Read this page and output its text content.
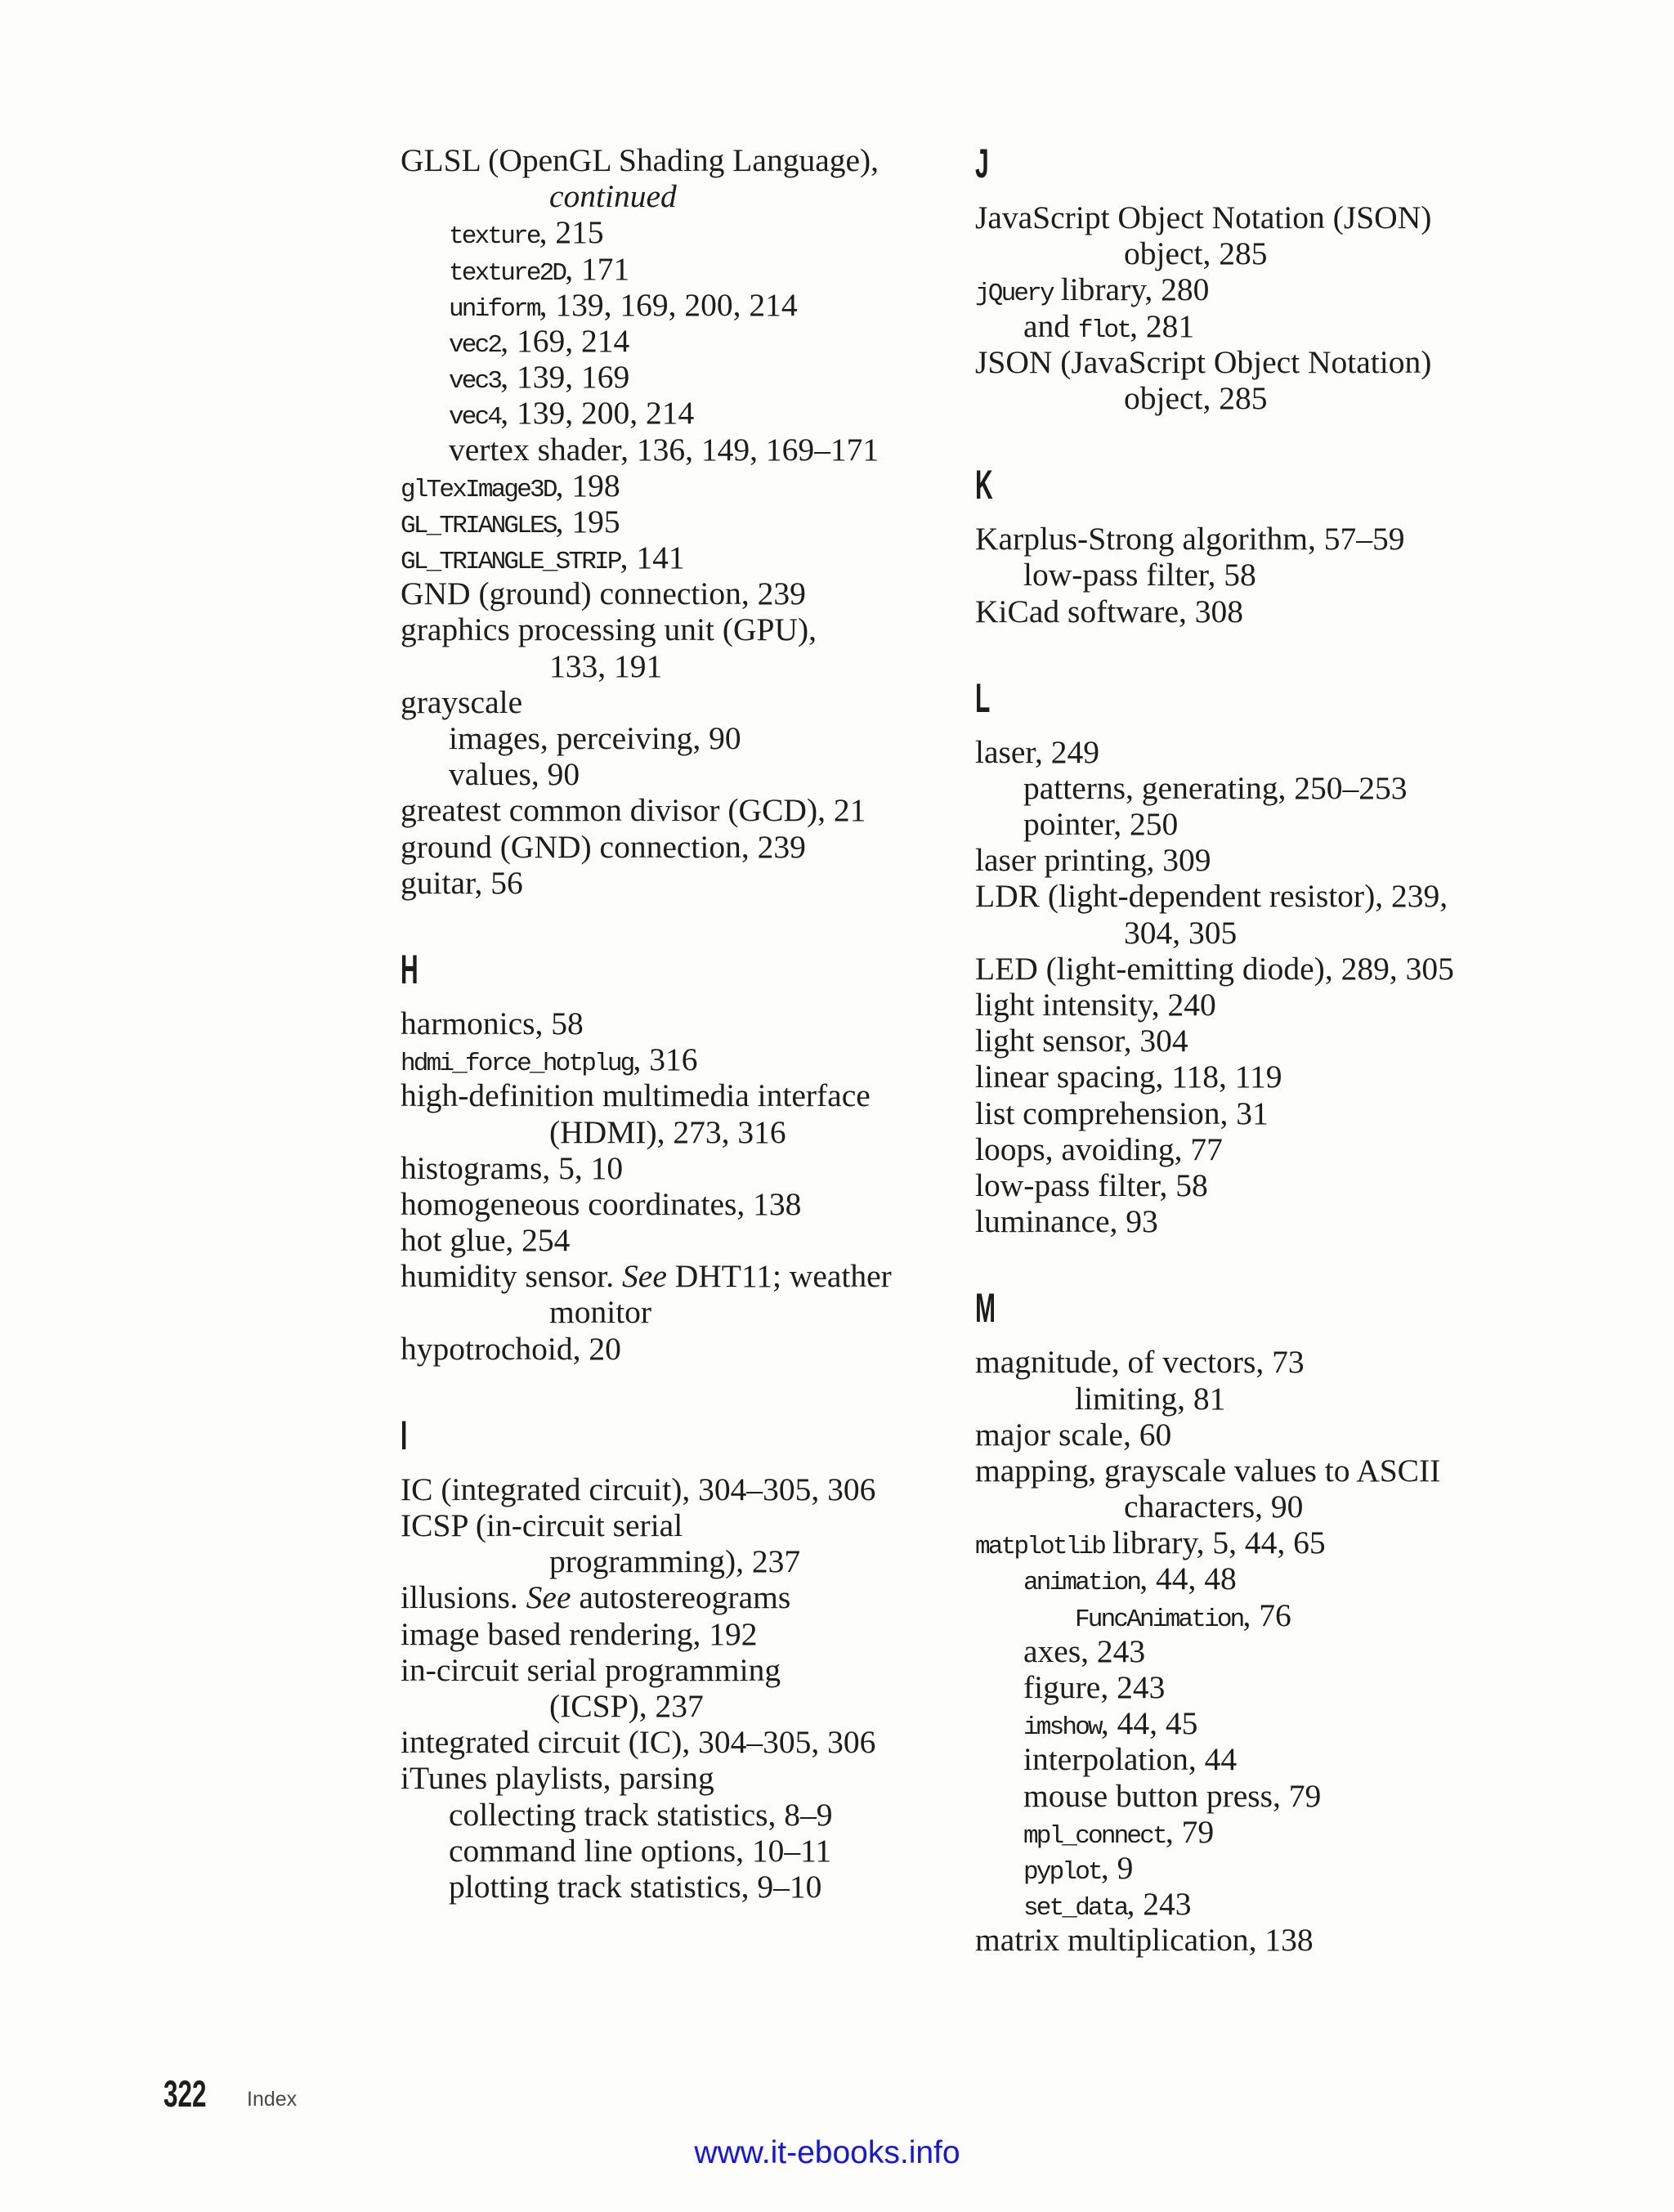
GLSL (OpenGL Shading Language),
continued
texture, 215
texture2D, 171
uniform, 139, 169, 200, 214
vec2, 169, 214
vec3, 139, 169
vec4, 139, 200, 214
vertex shader, 136, 149, 169–171
glTexImage3D, 198
GL_TRIANGLES, 195
GL_TRIANGLE_STRIP, 141
GND (ground) connection, 239
graphics processing unit (GPU),
133, 191
grayscale
images, perceiving, 90
values, 90
greatest common divisor (GCD), 21
ground (GND) connection, 239
guitar, 56
H
harmonics, 58
hdmi_force_hotplug, 316
high-definition multimedia interface
(HDMI), 273, 316
histograms, 5, 10
homogeneous coordinates, 138
hot glue, 254
humidity sensor. See DHT11; weather
monitor
hypotrochoid, 20
I
IC (integrated circuit), 304–305, 306
ICSP (in-circuit serial
programming), 237
illusions. See autostereograms
image based rendering, 192
in-circuit serial programming
(ICSP), 237
integrated circuit (IC), 304–305, 306
iTunes playlists, parsing
collecting track statistics, 8–9
command line options, 10–11
plotting track statistics, 9–10
J
JavaScript Object Notation (JSON)
object, 285
jQuery library, 280
and flot, 281
JSON (JavaScript Object Notation)
object, 285
K
Karplus-Strong algorithm, 57–59
low-pass filter, 58
KiCad software, 308
L
laser, 249
patterns, generating, 250–253
pointer, 250
laser printing, 309
LDR (light-dependent resistor), 239,
304, 305
LED (light-emitting diode), 289, 305
light intensity, 240
light sensor, 304
linear spacing, 118, 119
list comprehension, 31
loops, avoiding, 77
low-pass filter, 58
luminance, 93
M
magnitude, of vectors, 73
limiting, 81
major scale, 60
mapping, grayscale values to ASCII
characters, 90
matplotlib library, 5, 44, 65
animation, 44, 48
FuncAnimation, 76
axes, 243
figure, 243
imshow, 44, 45
interpolation, 44
mouse button press, 79
mpl_connect, 79
pyplot, 9
set_data, 243
matrix multiplication, 138
322 Index
www.it-ebooks.info
